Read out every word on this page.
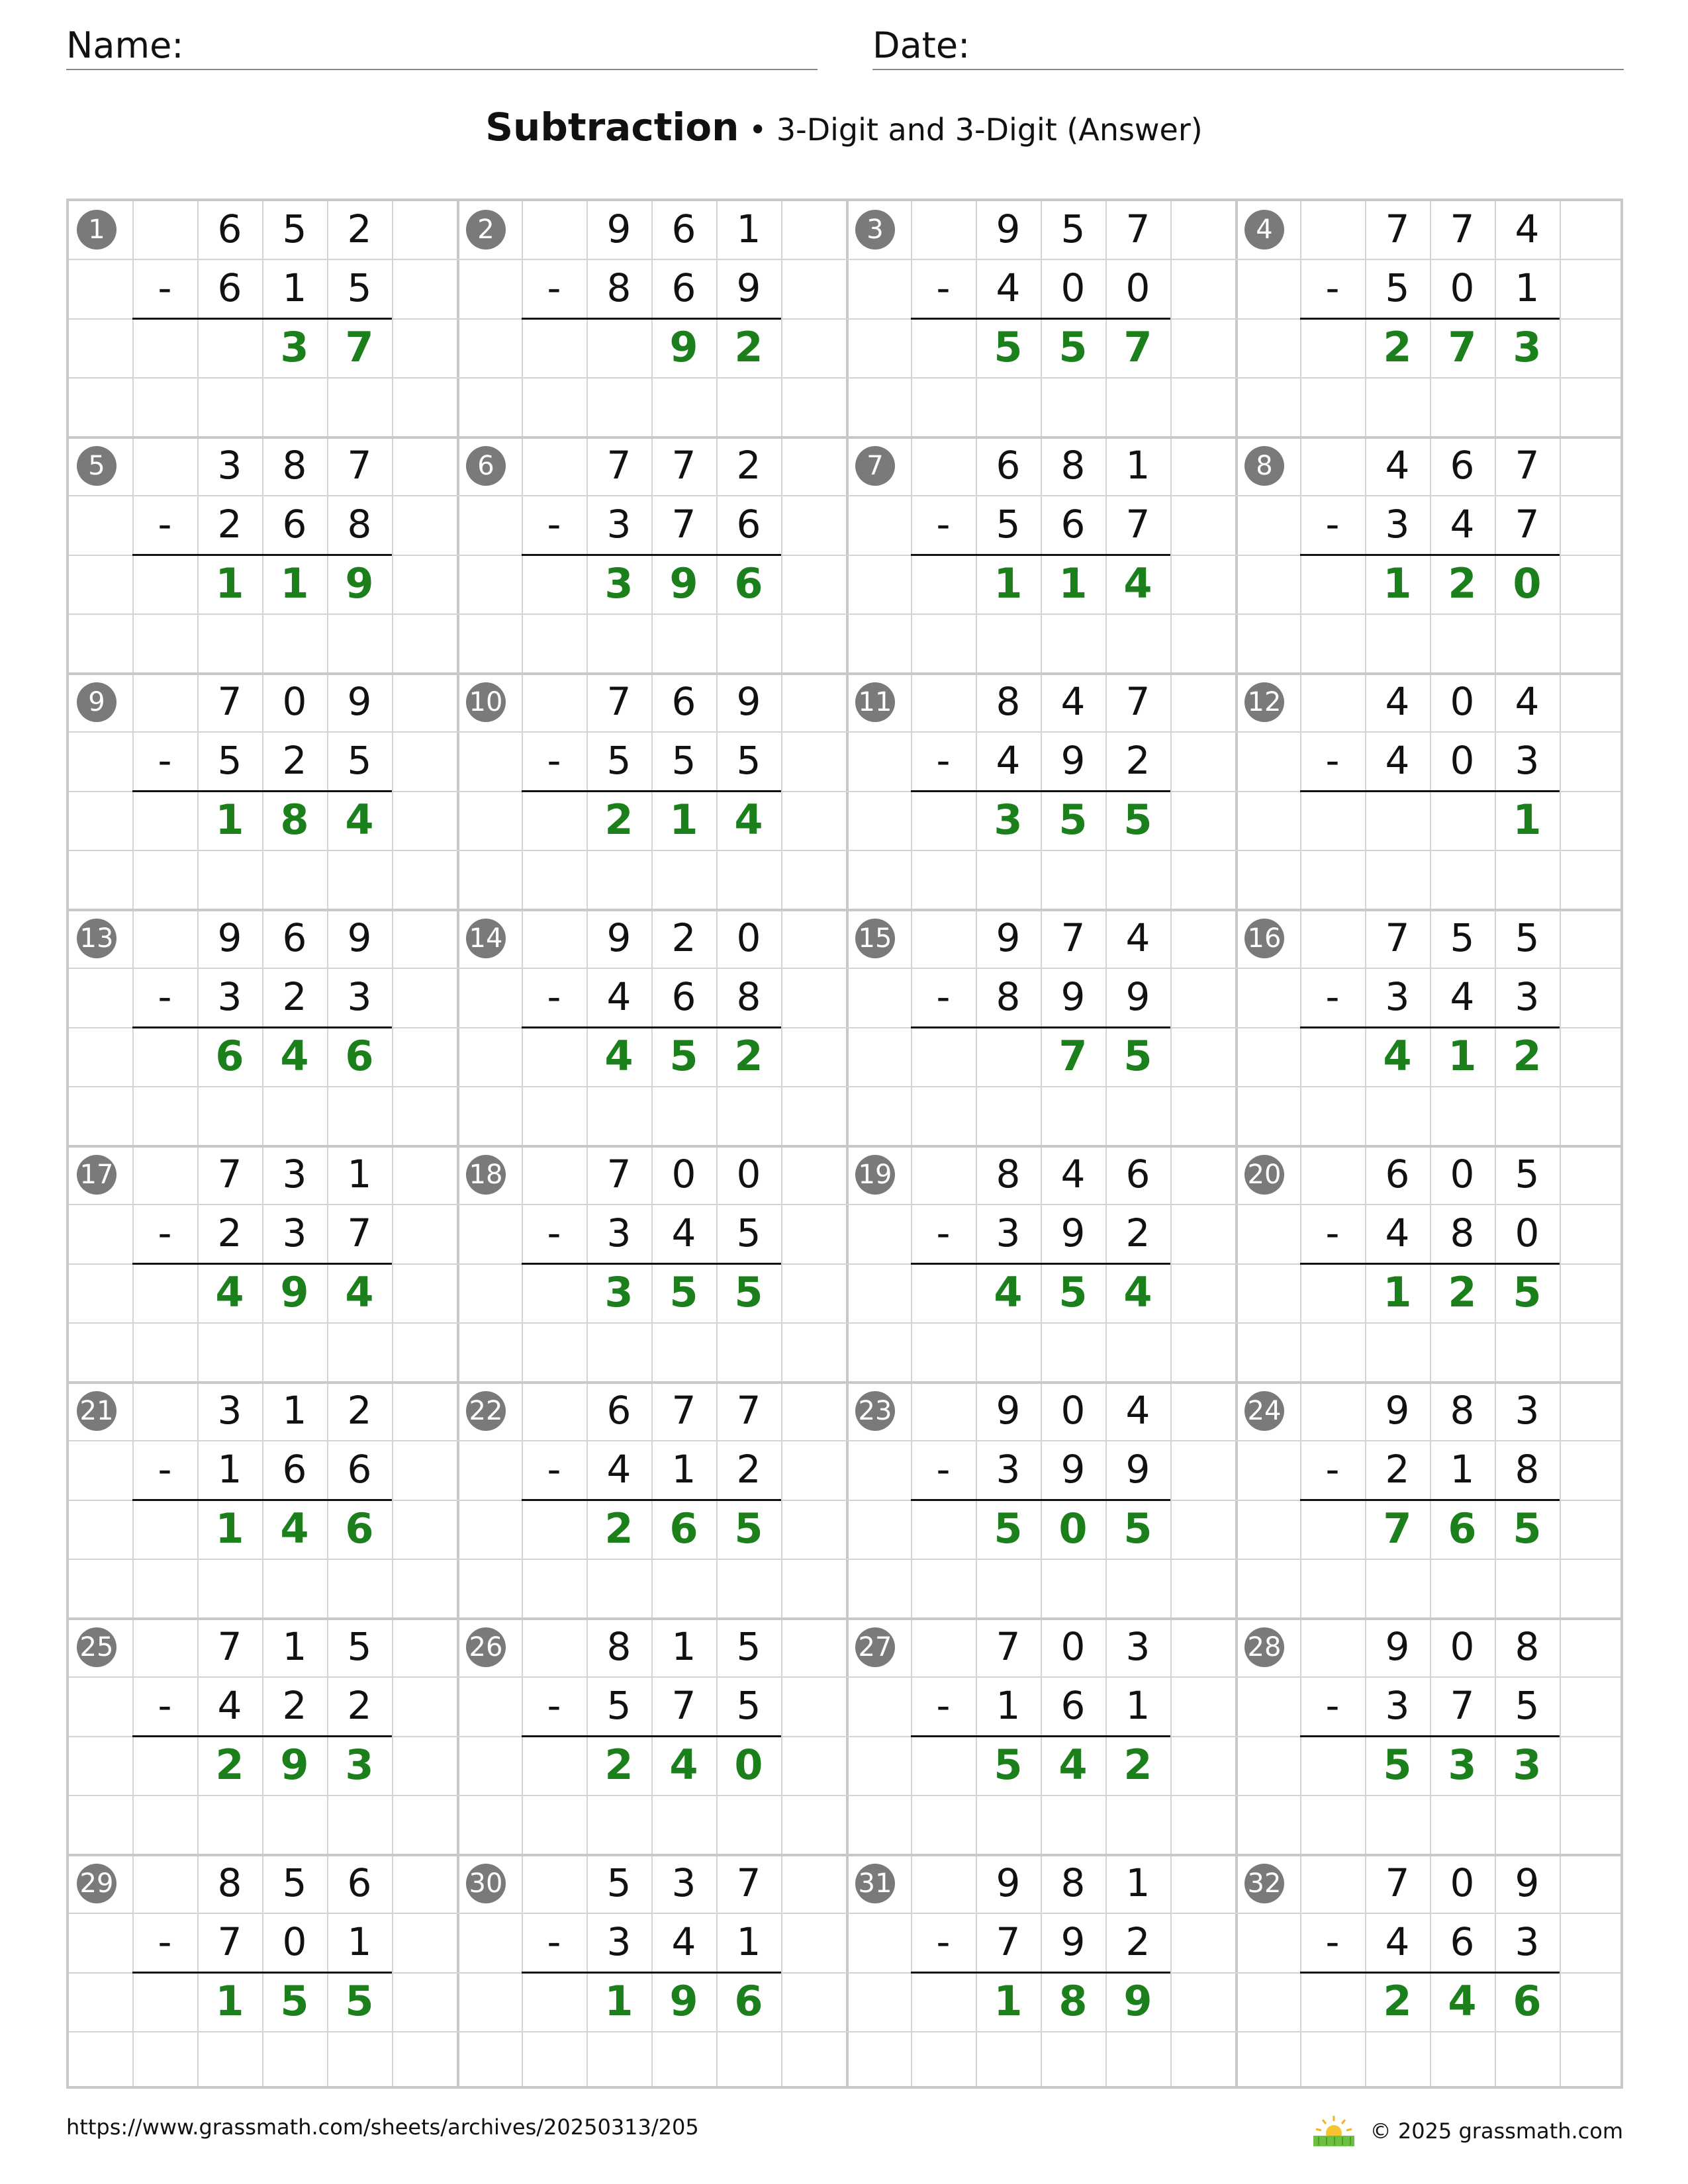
Name:	Date:
Subtraction • 3-Digit and 3-Digit (Answer)
1	6	5	2
-	6	1	5
3 7
2	9	6	1
-	8	6	9
9 2
3	9	5	7
-	4	0	0
5 5 7
4	7	7	4
-	5	0	1
2 7 3
5	3	8	7
-	2	6	8
1 1 9
6	7	7	2
-	3	7	6
3 9 6
7	6	8	1
-	5	6	7
1 1 4
8	4	6	7
-	3	4	7
1 2 0
9	7	0	9
-	5	2	5
1 8 4
10	7	6	9
-	5	5	5
2 1 4
11	8	4	7
-	4	9	2
3 5 5
12	4	0	4
-	4	0	3
1
13	9	6	9
-	3	2	3
6 4 6
14	9	2	0
-	4	6	8
4 5 2
15	9	7	4
-	8	9	9
7 5
16	7	5	5
-	3	4	3
4 1 2
17	7	3	1
-	2	3	7
4 9 4
18	7	0	0
-	3	4	5
3 5 5
19	8	4	6
-	3	9	2
4 5 4
20	6	0	5
-	4	8	0
1 2 5
21	3	1	2
-	1	6	6
1 4 6
22	6	7	7
-	4	1	2
2 6 5
23	9	0	4
-	3	9	9
5 0 5
24	9	8	3
-	2	1	8
7 6 5
25	7	1	5
-	4	2	2
2 9 3
26	8	1	5
-	5	7	5
2 4 0
27	7	0	3
-	1	6	1
5 4 2
28	9	0	8
-	3	7	5
5 3 3
29	8	5	6
-	7	0	1
1 5 5
30	5	3	7
-	3	4	1
1 9 6
31	9	8	1
-	7	9	2
1 8 9
32	7	0	9
-	4	6	3
2 4 6
https://www.grassmath.com/sheets/archives/20250313/205	© 2025 grassmath.com
